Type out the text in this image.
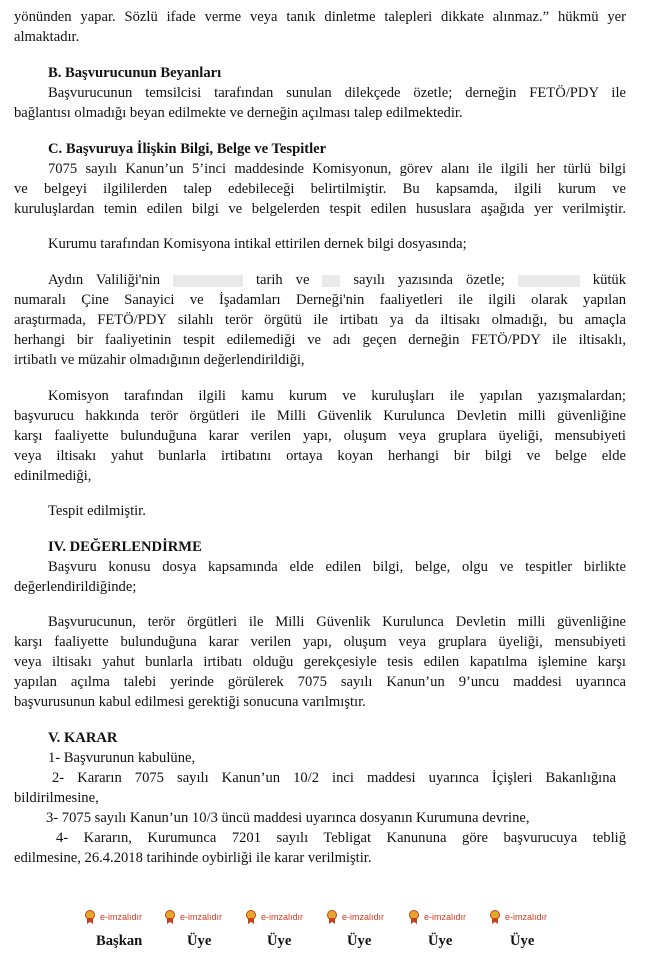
yönünden yapar. Sözlü ifade verme veya tanık dinletme talepleri dikkate alınmaz.” hükmü yer
almaktadır.
B. Başvurucunun Beyanları
Başvurucunun temsilcisi tarafından sunulan dilekçede özetle; derneğin FETÖ/PDY ile
bağlantısı olmadığı beyan edilmekte ve derneğin açılması talep edilmektedir.
C. Başvuruya İlişkin Bilgi, Belge ve Tespitler
7075 sayılı Kanun’un 5’inci maddesinde Komisyonun, görev alanı ile ilgili her türlü bilgi
ve belgeyi ilgililerden talep edebileceği belirtilmiştir. Bu kapsamda, ilgili kurum ve
kuruluşlardan temin edilen bilgi ve belgelerden tespit edilen hususlara aşağıda yer verilmiştir.
Kurumu tarafından Komisyona intikal ettirilen dernek bilgi dosyasında;
Aydın Valiliği'nin	tarih ve	sayılı yazısında özetle;	kütük
numaralı Çine Sanayici ve İşadamları Derneği'nin faaliyetleri ile ilgili olarak yapılan
araştırmada, FETÖ/PDY silahlı terör örgütü ile irtibatı ya da iltisakı olmadığı, bu amaçla
herhangi bir faaliyetinin tespit edilemediği ve adı geçen derneğin FETÖ/PDY ile iltisaklı,
irtibatlı ve müzahir olmadığının değerlendirildiği,
Komisyon tarafından ilgili kamu kurum ve kuruluşları ile yapılan yazışmalardan;
başvurucu hakkında terör örgütleri ile Milli Güvenlik Kurulunca Devletin milli güvenliğine
karşı faaliyette bulunduğuna karar verilen yapı, oluşum veya gruplara üyeliği, mensubiyeti
veya iltisakı yahut bunlarla irtibatını ortaya koyan herhangi bir bilgi ve belge elde
edinilmediği,
Tespit edilmiştir.
IV. DEĞERLENDİRME
Başvuru konusu dosya kapsamında elde edilen bilgi, belge, olgu ve tespitler birlikte
değerlendirildiğinde;
Başvurucunun, terör örgütleri ile Milli Güvenlik Kurulunca Devletin milli güvenliğine
karşı faaliyette bulunduğuna karar verilen yapı, oluşum veya gruplara üyeliği, mensubiyeti
veya iltisakı yahut bunlarla irtibatı olduğu gerekçesiyle tesis edilen kapatılma işlemine karşı
yapılan açılma talebi yerinde görülerek 7075 sayılı Kanun’un 9’uncu maddesi uyarınca
başvurusunun kabul edilmesi gerektiği sonucuna varılmıştır.
V. KARAR
1- Başvurunun kabulüne,
2- Kararın 7075 sayılı Kanun’un 10/2 inci maddesi uyarınca İçişleri Bakanlığına
bildirilmesine,
3- 7075 sayılı Kanun’un 10/3 üncü maddesi uyarınca dosyanın Kurumuna devrine,
4- Kararın, Kurumunca 7201 sayılı Tebligat Kanununa göre başvurucuya tebliğ
edilmesine, 26.4.2018 tarihinde oybirliği ile karar verilmiştir.
e-imzalıdır	e-imzalıdır	e-imzalıdır	e-imzalıdır	e-imzalıdır	e-imzalıdır
Başkan	Üye	Üye	Üye	Üye	Üye
